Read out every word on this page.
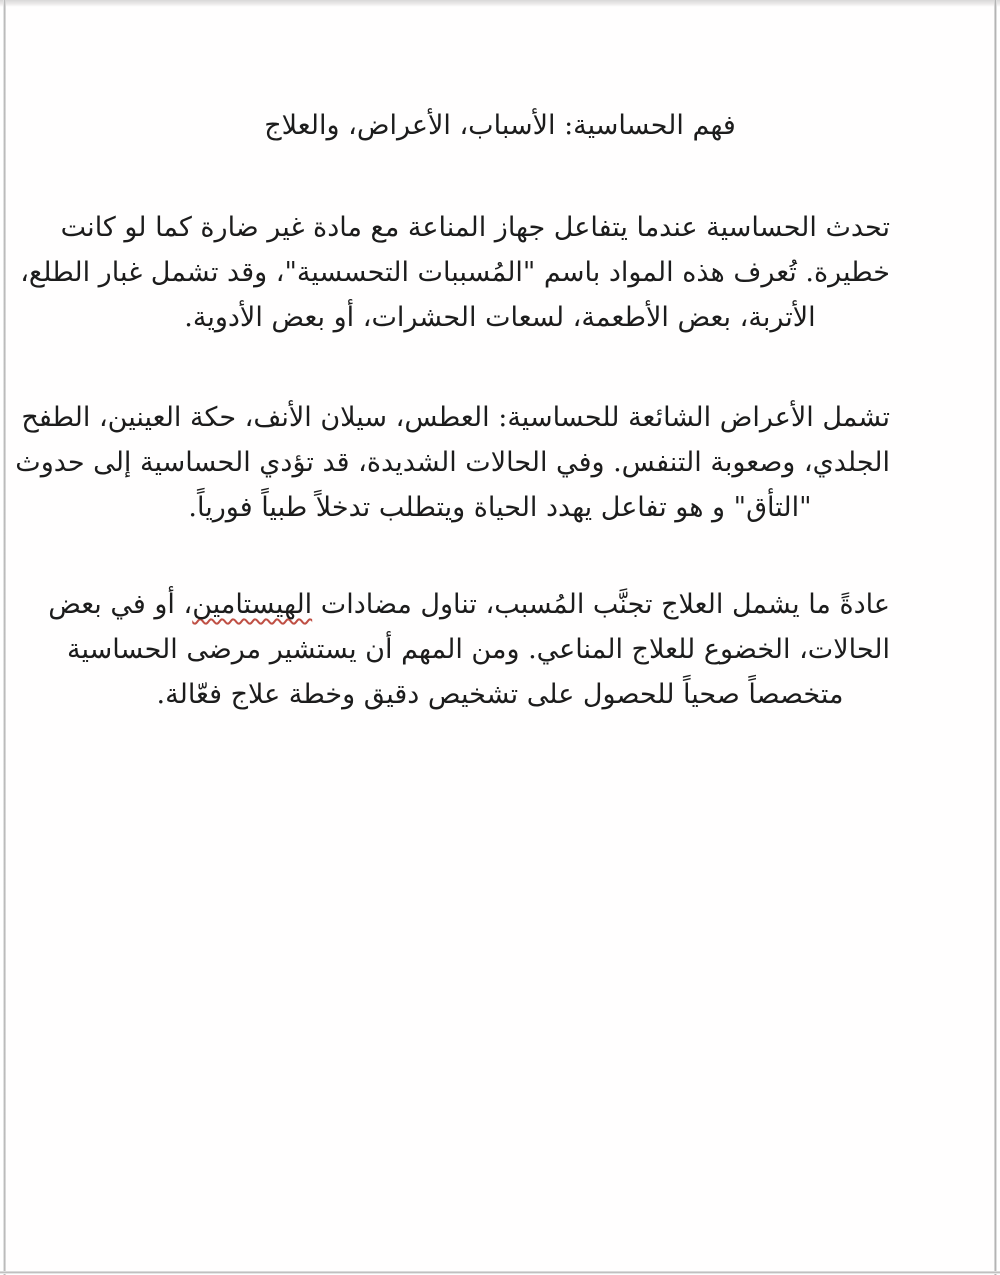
فهم الحساسية: الأسباب، الأعراض، والعلاج
تحدث الحساسية عندما يتفاعل جهاز المناعة مع مادة غير ضارة كما لو كانت
خطيرة. تُعرف هذه المواد باسم "المُسببات التحسسية"، وقد تشمل غبار الطلع،
الأتربة، بعض الأطعمة، لسعات الحشرات، أو بعض الأدوية.
تشمل الأعراض الشائعة للحساسية: العطس، سيلان الأنف، حكة العينين، الطفح
الجلدي، وصعوبة التنفس. وفي الحالات الشديدة، قد تؤدي الحساسية إلى حدوث
"التأق" و هو تفاعل يهدد الحياة ويتطلب تدخلاً طبياً فورياً.
عادةً ما يشمل العلاج تجنَّب المُسبب، تناول مضادات الهيستامين، أو في بعض
الحالات، الخضوع للعلاج المناعي. ومن المهم أن يستشير مرضى الحساسية
متخصصاً صحياً للحصول على تشخيص دقيق وخطة علاج فعّالة.
